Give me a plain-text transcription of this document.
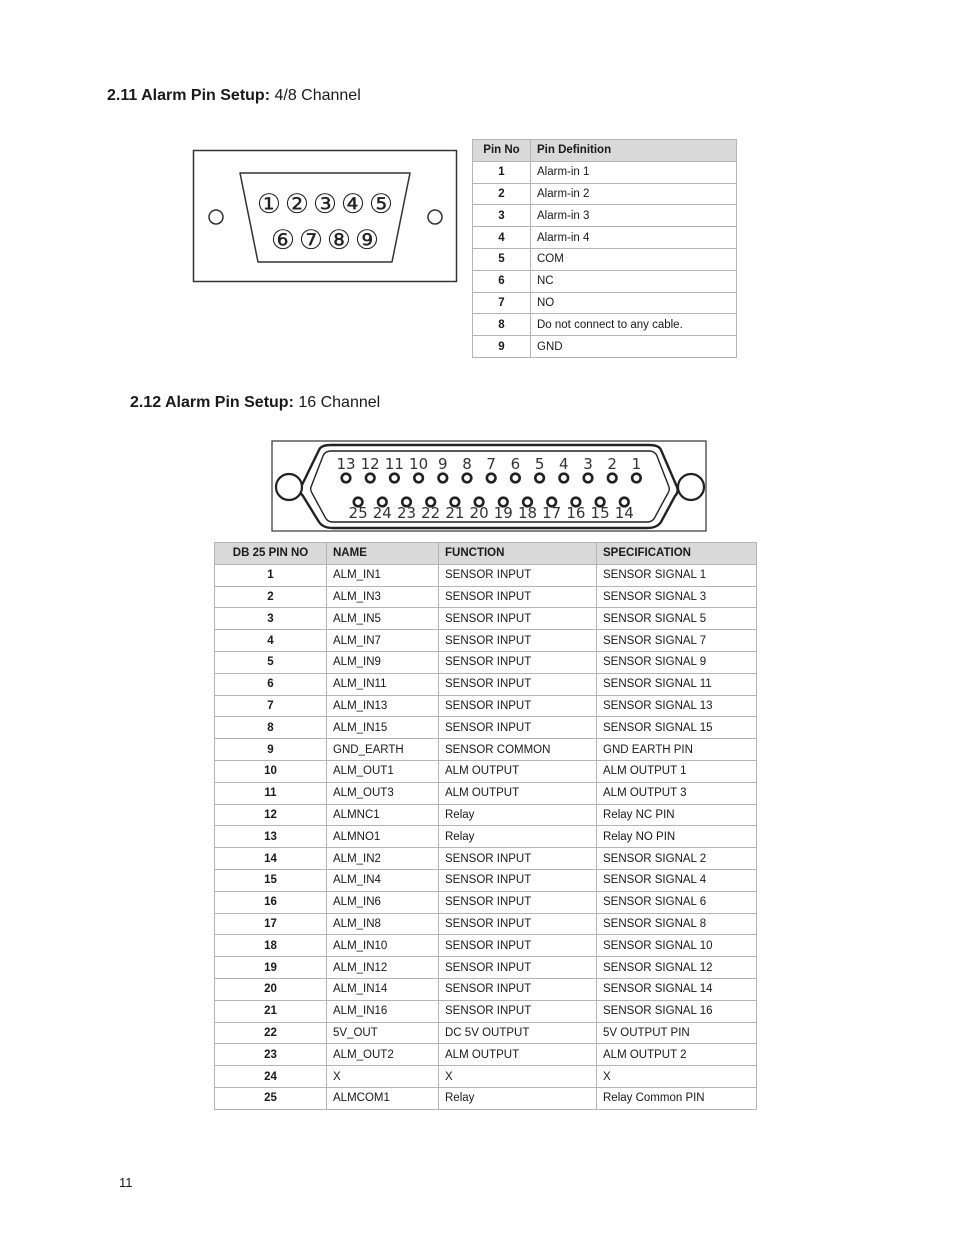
2.11 Alarm Pin Setup: 4/8 Channel
① ② ③ ④ ⑤
⑥ ⑦ ⑧ ⑨
Pin No	Pin Definition
1	Alarm-in 1
2	Alarm-in 2
3	Alarm-in 3
4	Alarm-in 4
5	COM
6	NC
7	NO
8	Do not connect to any cable.
9	GND
2.12 Alarm Pin Setup: 16 Channel
13 12 11 10 9 8 7 6 5 4 3 2 1
25 24 23 22 21 20 19 18 17 16 15 14
DB 25 PIN NO	NAME	FUNCTION	SPECIFICATION
1	ALM_IN1	SENSOR INPUT	SENSOR SIGNAL 1
2	ALM_IN3	SENSOR INPUT	SENSOR SIGNAL 3
3	ALM_IN5	SENSOR INPUT	SENSOR SIGNAL 5
4	ALM_IN7	SENSOR INPUT	SENSOR SIGNAL 7
5	ALM_IN9	SENSOR INPUT	SENSOR SIGNAL 9
6	ALM_IN11	SENSOR INPUT	SENSOR SIGNAL 11
7	ALM_IN13	SENSOR INPUT	SENSOR SIGNAL 13
8	ALM_IN15	SENSOR INPUT	SENSOR SIGNAL 15
9	GND_EARTH	SENSOR COMMON	GND EARTH PIN
10	ALM_OUT1	ALM OUTPUT	ALM OUTPUT 1
11	ALM_OUT3	ALM OUTPUT	ALM OUTPUT 3
12	ALMNC1	Relay	Relay NC PIN
13	ALMNO1	Relay	Relay NO PIN
14	ALM_IN2	SENSOR INPUT	SENSOR SIGNAL 2
15	ALM_IN4	SENSOR INPUT	SENSOR SIGNAL 4
16	ALM_IN6	SENSOR INPUT	SENSOR SIGNAL 6
17	ALM_IN8	SENSOR INPUT	SENSOR SIGNAL 8
18	ALM_IN10	SENSOR INPUT	SENSOR SIGNAL 10
19	ALM_IN12	SENSOR INPUT	SENSOR SIGNAL 12
20	ALM_IN14	SENSOR INPUT	SENSOR SIGNAL 14
21	ALM_IN16	SENSOR INPUT	SENSOR SIGNAL 16
22	5V_OUT	DC 5V OUTPUT	5V OUTPUT PIN
23	ALM_OUT2	ALM OUTPUT	ALM OUTPUT 2
24	X	X	X
25	ALMCOM1	Relay	Relay Common PIN
11
